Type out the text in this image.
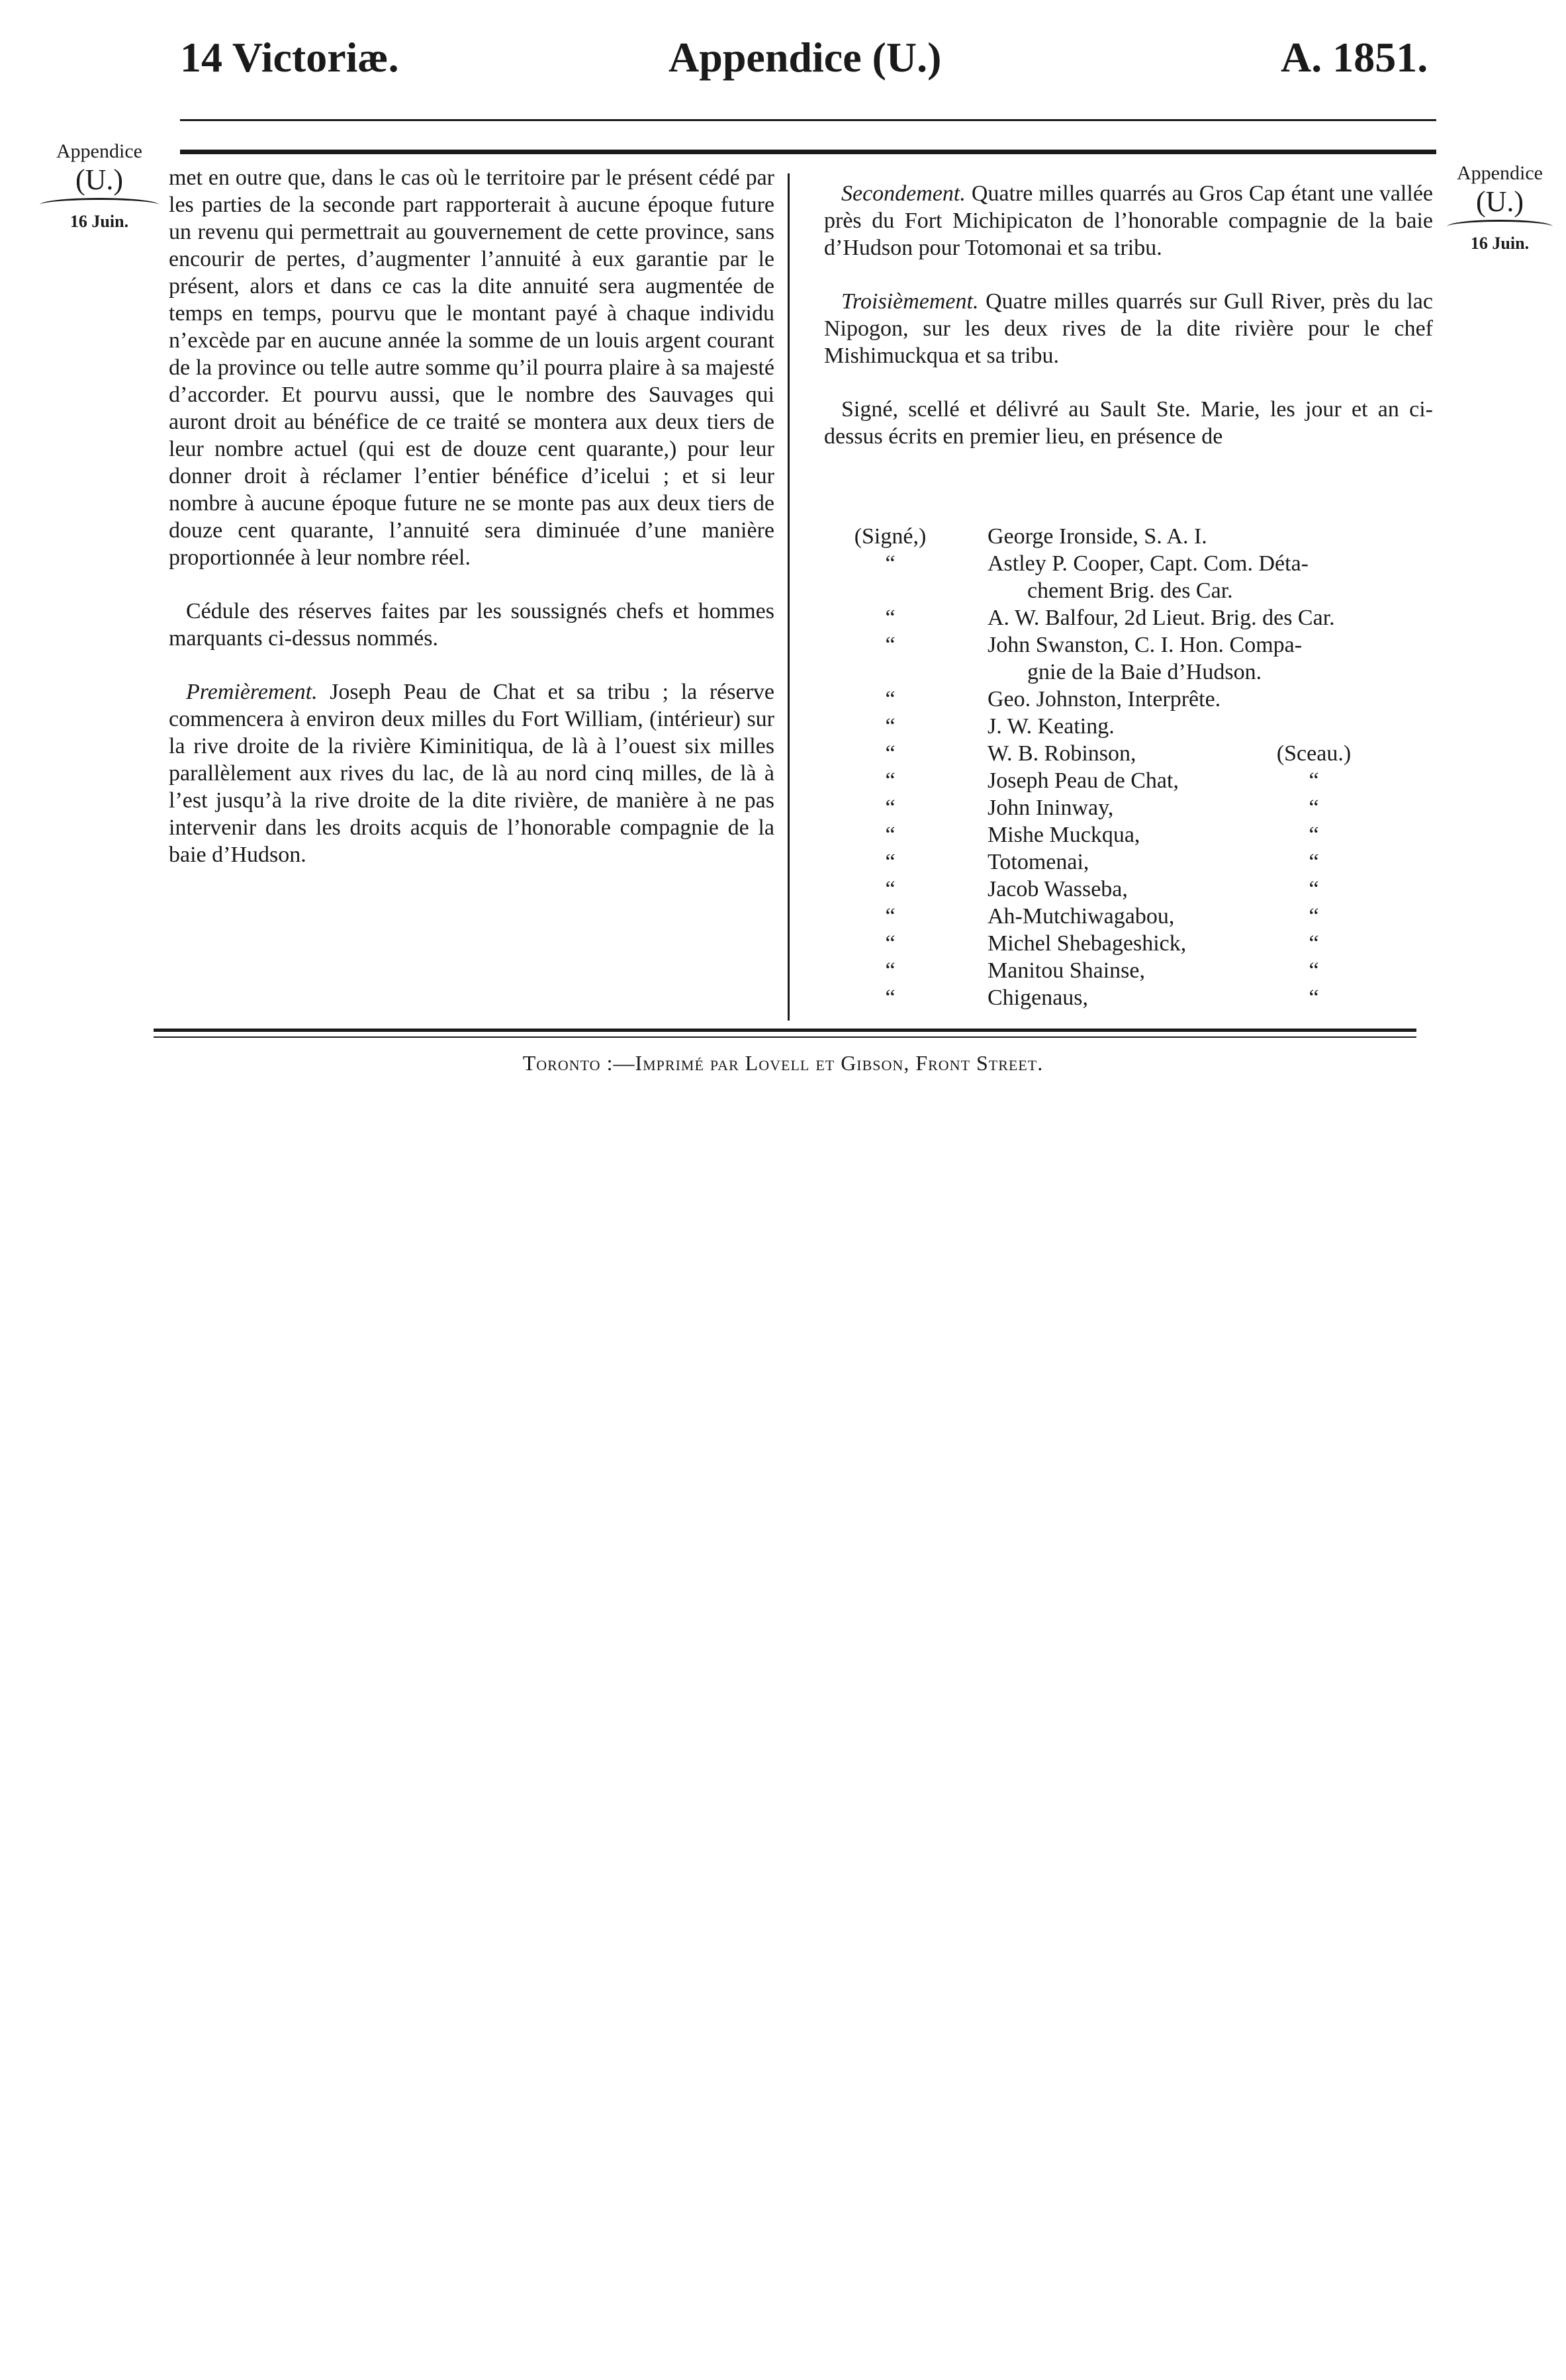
14 Victoriæ.	Appendice (U.)	A. 1851.
Appendice
(U.)
16 Juin.
Appendice
(U.)
16 Juin.

met en outre que, dans le cas où le territoire par le présent cédé par les parties de la seconde part rapporterait à aucune époque future un revenu qui permettrait au gouvernement de cette province, sans encourir de pertes, d’augmenter l’annuité à eux garantie par le présent, alors et dans ce cas la dite annuité sera augmentée de temps en temps, pourvu que le montant payé à chaque individu n’excède par en aucune année la somme de un louis argent courant de la province ou telle autre somme qu’il pourra plaire à sa majesté d’accorder. Et pourvu aussi, que le nombre des Sauvages qui auront droit au bénéfice de ce traité se montera aux deux tiers de leur nombre actuel (qui est de douze cent quarante,) pour leur donner droit à réclamer l’entier bénéfice d’icelui ; et si leur nombre à aucune époque future ne se monte pas aux deux tiers de douze cent quarante, l’annuité sera diminuée d’une manière proportionnée à leur nombre réel.

Cédule des réserves faites par les soussignés chefs et hommes marquants ci-dessus nommés.

Premièrement. Joseph Peau de Chat et sa tribu ; la réserve commencera à environ deux milles du Fort William, (intérieur) sur la rive droite de la rivière Kiminitiqua, de là à l’ouest six milles parallèlement aux rives du lac, de là au nord cinq milles, de là à l’est jusqu’à la rive droite de la dite rivière, de manière à ne pas intervenir dans les droits acquis de l’honorable compagnie de la baie d’Hudson.

Secondement. Quatre milles quarrés au Gros Cap étant une vallée près du Fort Michipicaton de l’honorable compagnie de la baie d’Hudson pour Totomonai et sa tribu.

Troisièmement. Quatre milles quarrés sur Gull River, près du lac Nipogon, sur les deux rives de la dite rivière pour le chef Mishimuckqua et sa tribu.

Signé, scellé et délivré au Sault Ste. Marie, les jour et an ci-dessus écrits en premier lieu, en présence de

(Signé,)	George Ironside, S. A. I.
“	Astley P. Cooper, Capt. Com. Déta-
chement Brig. des Car.
“	A. W. Balfour, 2d Lieut. Brig. des Car.
“	John Swanston, C. I. Hon. Compa-
gnie de la Baie d’Hudson.
“	Geo. Johnston, Interprête.
“	J. W. Keating.
“	W. B. Robinson,	(Sceau.)
“	Joseph Peau de Chat,	“
“	John Ininway,	“
“	Mishe Muckqua,	“
“	Totomenai,	“
“	Jacob Wasseba,	“
“	Ah-Mutchiwagabou,	“
“	Michel Shebageshick,	“
“	Manitou Shainse,	“
“	Chigenaus,	“
Toronto :—Imprimé par Lovell et Gibson, Front Street.
